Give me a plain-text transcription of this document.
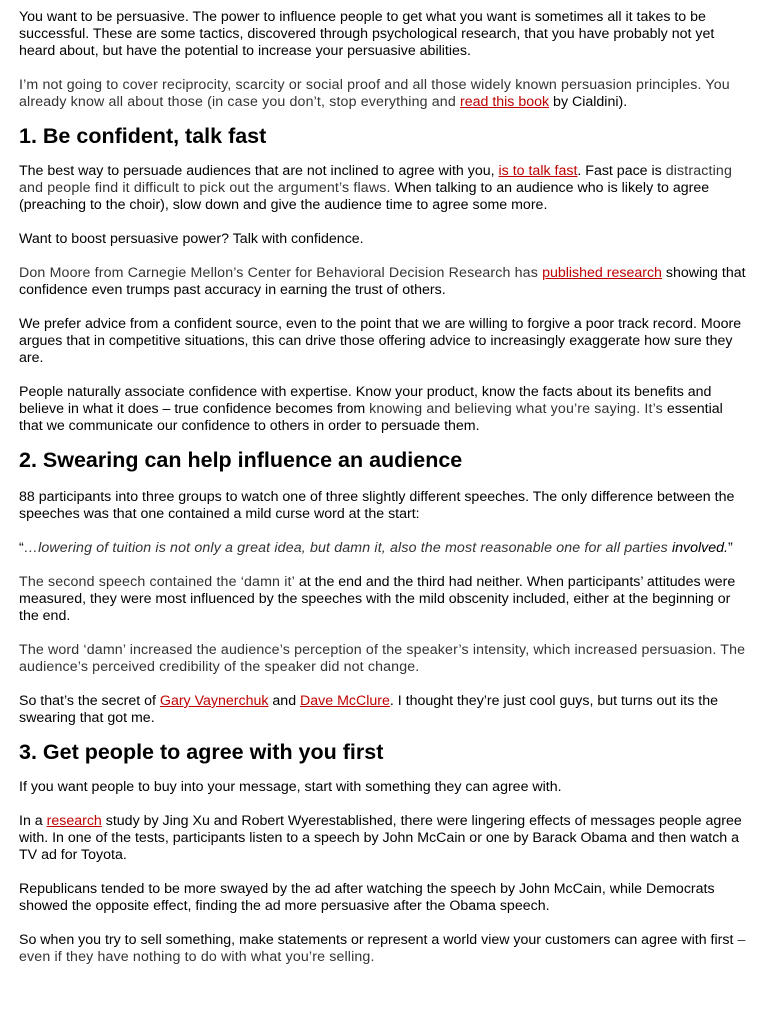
You want to be persuasive. The power to influence people to get what you want is sometimes all it takes to be successful. These are some tactics, discovered through psychological research, that you have probably not yet heard about, but have the potential to increase your persuasive abilities.

I’m not going to cover reciprocity, scarcity or social proof and all those widely known persuasion principles. You already know all about those (in case you don’t, stop everything and read this book by Cialdini).

1. Be confident, talk fast

The best way to persuade audiences that are not inclined to agree with you, is to talk fast. Fast pace is distracting and people find it difficult to pick out the argument’s flaws. When talking to an audience who is likely to agree (preaching to the choir), slow down and give the audience time to agree some more.

Want to boost persuasive power? Talk with confidence.

Don Moore from Carnegie Mellon’s Center for Behavioral Decision Research has published research showing that confidence even trumps past accuracy in earning the trust of others.

We prefer advice from a confident source, even to the point that we are willing to forgive a poor track record. Moore argues that in competitive situations, this can drive those offering advice to increasingly exaggerate how sure they are.

People naturally associate confidence with expertise. Know your product, know the facts about its benefits and believe in what it does – true confidence becomes from knowing and believing what you’re saying. It’s essential that we communicate our confidence to others in order to persuade them.

2. Swearing can help influence an audience

88 participants into three groups to watch one of three slightly different speeches. The only difference between the speeches was that one contained a mild curse word at the start:

“…lowering of tuition is not only a great idea, but damn it, also the most reasonable one for all parties involved.”

The second speech contained the ‘damn it’ at the end and the third had neither. When participants’ attitudes were measured, they were most influenced by the speeches with the mild obscenity included, either at the beginning or the end.

The word ‘damn’ increased the audience’s perception of the speaker’s intensity, which increased persuasion. The audience’s perceived credibility of the speaker did not change.

So that’s the secret of Gary Vaynerchuk and Dave McClure. I thought they’re just cool guys, but turns out its the swearing that got me.

3. Get people to agree with you first

If you want people to buy into your message, start with something they can agree with.

In a research study by Jing Xu and Robert Wyerestablished, there were lingering effects of messages people agree with. In one of the tests, participants listen to a speech by John McCain or one by Barack Obama and then watch a TV ad for Toyota.

Republicans tended to be more swayed by the ad after watching the speech by John McCain, while Democrats showed the opposite effect, finding the ad more persuasive after the Obama speech.

So when you try to sell something, make statements or represent a world view your customers can agree with first – even if they have nothing to do with what you’re selling.
